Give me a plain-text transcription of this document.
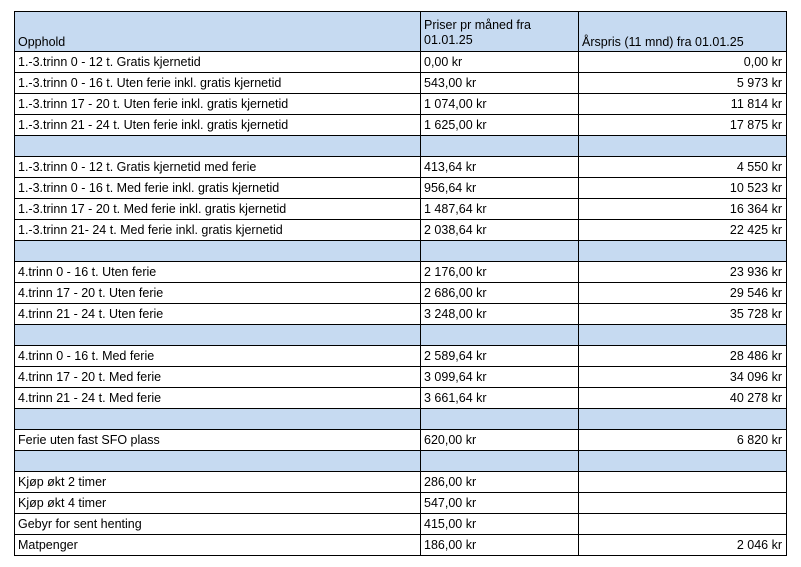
Opphold	Priser pr måned fra 01.01.25	Årspris (11 mnd) fra 01.01.25
1.-3.trinn 0 - 12 t. Gratis kjernetid	0,00 kr	0,00 kr
1.-3.trinn 0 - 16 t. Uten ferie inkl. gratis kjernetid	543,00 kr	5 973 kr
1.-3.trinn 17 - 20 t. Uten ferie inkl. gratis kjernetid	1 074,00 kr	11 814 kr
1.-3.trinn 21 - 24 t. Uten ferie inkl. gratis kjernetid	1 625,00 kr	17 875 kr

1.-3.trinn 0 - 12 t. Gratis kjernetid med ferie	413,64 kr	4 550 kr
1.-3.trinn 0 - 16 t. Med ferie inkl. gratis kjernetid	956,64 kr	10 523 kr
1.-3.trinn 17 - 20 t. Med ferie inkl. gratis kjernetid	1 487,64 kr	16 364 kr
1.-3.trinn 21- 24 t. Med ferie inkl. gratis kjernetid	2 038,64 kr	22 425 kr

4.trinn 0 - 16 t. Uten ferie	2 176,00 kr	23 936 kr
4.trinn 17 - 20 t. Uten ferie	2 686,00 kr	29 546 kr
4.trinn 21 - 24 t. Uten ferie	3 248,00 kr	35 728 kr

4.trinn 0 - 16 t. Med ferie	2 589,64 kr	28 486 kr
4.trinn 17 - 20 t. Med ferie	3 099,64 kr	34 096 kr
4.trinn 21 - 24 t. Med ferie	3 661,64 kr	40 278 kr

Ferie uten fast SFO plass	620,00 kr	6 820 kr

Kjøp økt 2 timer	286,00 kr	
Kjøp økt 4 timer	547,00 kr	
Gebyr for sent henting	415,00 kr	
Matpenger	186,00 kr	2 046 kr
